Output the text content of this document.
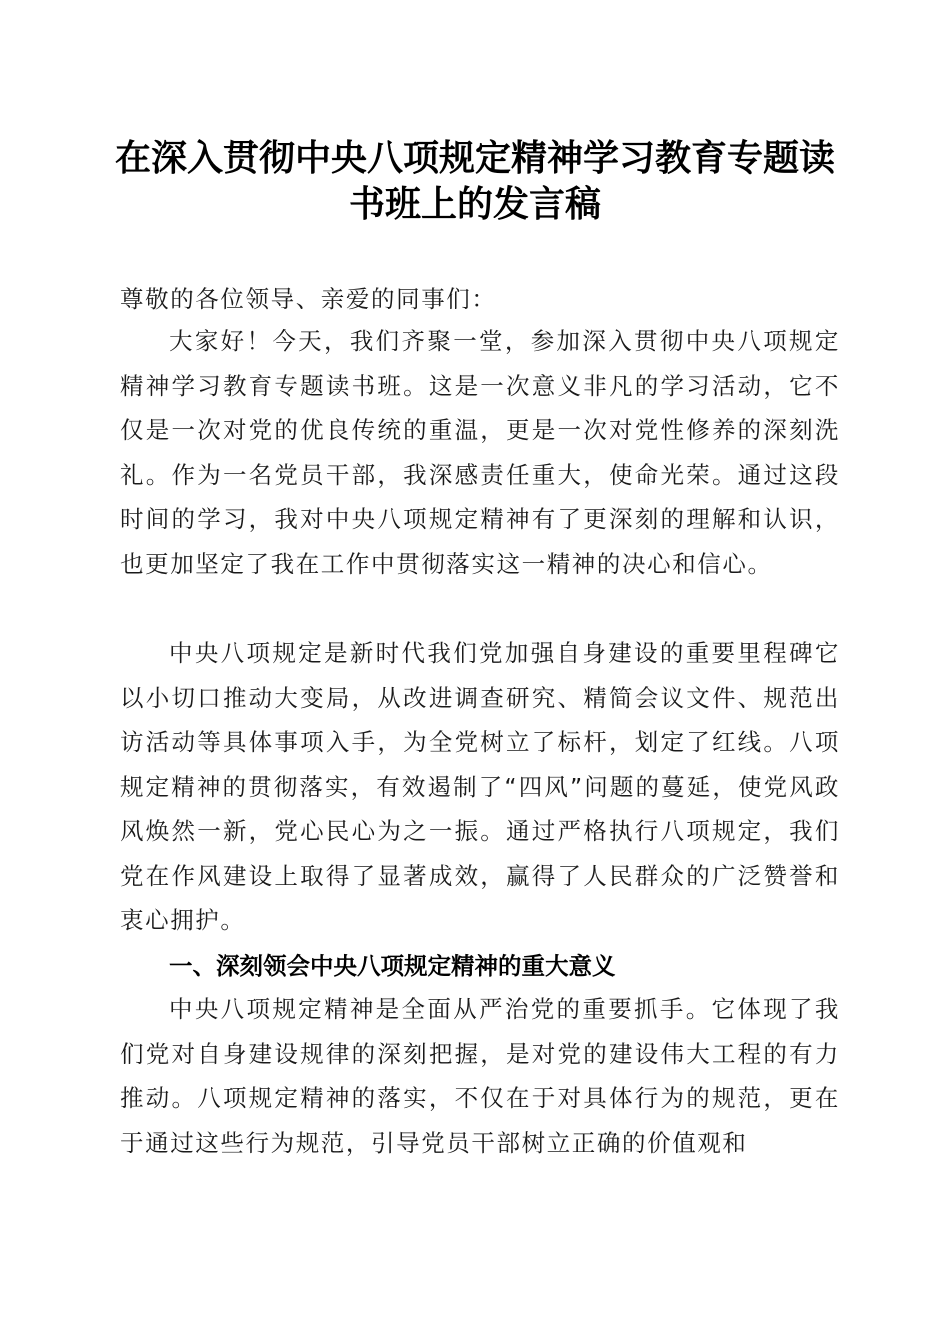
在深入贯彻中央八项规定精神学习教育专题读
书班上的发言稿
尊敬的各位领导、亲爱的同事们：
大家好！今天，我们齐聚一堂，参加深入贯彻中央八项规定精神学习教育专题读书班。这是一次意义非凡的学习活动，它不仅是一次对党的优良传统的重温，更是一次对党性修养的深刻洗礼。作为一名党员干部，我深感责任重大，使命光荣。通过这段时间的学习，我对中央八项规定精神有了更深刻的理解和认识，也更加坚定了我在工作中贯彻落实这一精神的决心和信心。
中央八项规定是新时代我们党加强自身建设的重要里程碑它以小切口推动大变局，从改进调查研究、精简会议文件、规范出访活动等具体事项入手，为全党树立了标杆，划定了红线。八项规定精神的贯彻落实，有效遏制了“四风”问题的蔓延，使党风政风焕然一新，党心民心为之一振。通过严格执行八项规定，我们党在作风建设上取得了显著成效，赢得了人民群众的广泛赞誉和衷心拥护。
一、深刻领会中央八项规定精神的重大意义
中央八项规定精神是全面从严治党的重要抓手。它体现了我们党对自身建设规律的深刻把握，是对党的建设伟大工程的有力推动。八项规定精神的落实，不仅在于对具体行为的规范，更在于通过这些行为规范，引导党员干部树立正确的价值观和
